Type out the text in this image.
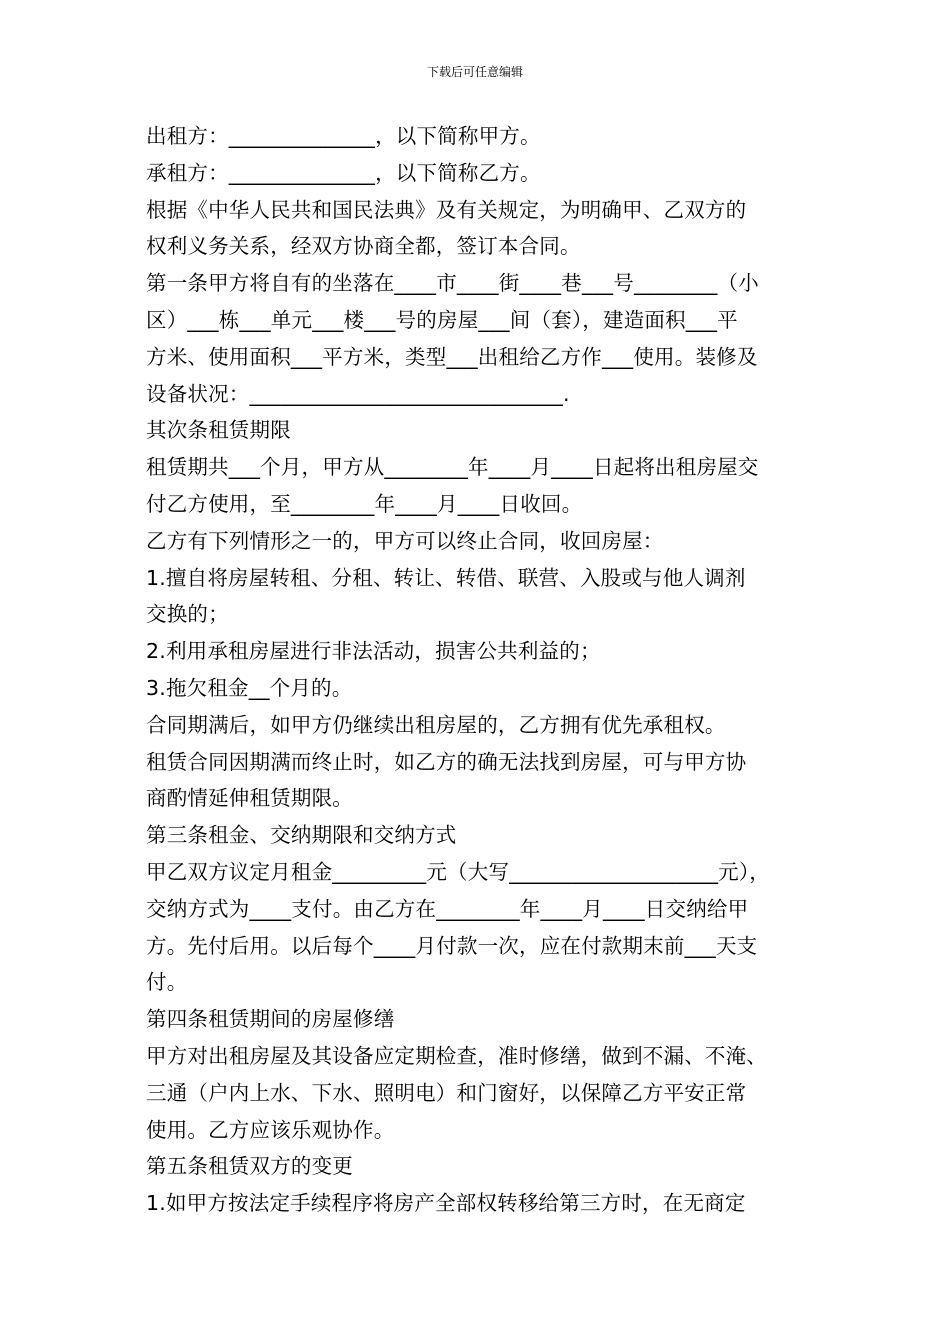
下载后可任意编辑
出租方：______________，以下简称甲方。
承租方：______________，以下简称乙方。
根据《中华人民共和国民法典》及有关规定，为明确甲、乙双方的
权利义务关系，经双方协商全都，签订本合同。
第一条甲方将自有的坐落在____市____街____巷___号________（小
区）___栋___单元___楼___号的房屋___间（套），建造面积___平
方米、使用面积___平方米，类型___出租给乙方作___使用。装修及
设备状况：______________________________.
其次条租赁期限
租赁期共___个月，甲方从________年____月____日起将出租房屋交
付乙方使用，至________年____月____日收回。
乙方有下列情形之一的，甲方可以终止合同，收回房屋：
1.擅自将房屋转租、分租、转让、转借、联营、入股或与他人调剂
交换的；
2.利用承租房屋进行非法活动，损害公共利益的；
3.拖欠租金__个月的。
合同期满后，如甲方仍继续出租房屋的，乙方拥有优先承租权。
租赁合同因期满而终止时，如乙方的确无法找到房屋，可与甲方协
商酌情延伸租赁期限。
第三条租金、交纳期限和交纳方式
甲乙双方议定月租金_________元（大写____________________元），
交纳方式为____支付。由乙方在________年____月____日交纳给甲
方。先付后用。以后每个____月付款一次，应在付款期末前___天支
付。
第四条租赁期间的房屋修缮
甲方对出租房屋及其设备应定期检查，准时修缮，做到不漏、不淹、
三通（户内上水、下水、照明电）和门窗好，以保障乙方平安正常
使用。乙方应该乐观协作。
第五条租赁双方的变更
1.如甲方按法定手续程序将房产全部权转移给第三方时，在无商定
